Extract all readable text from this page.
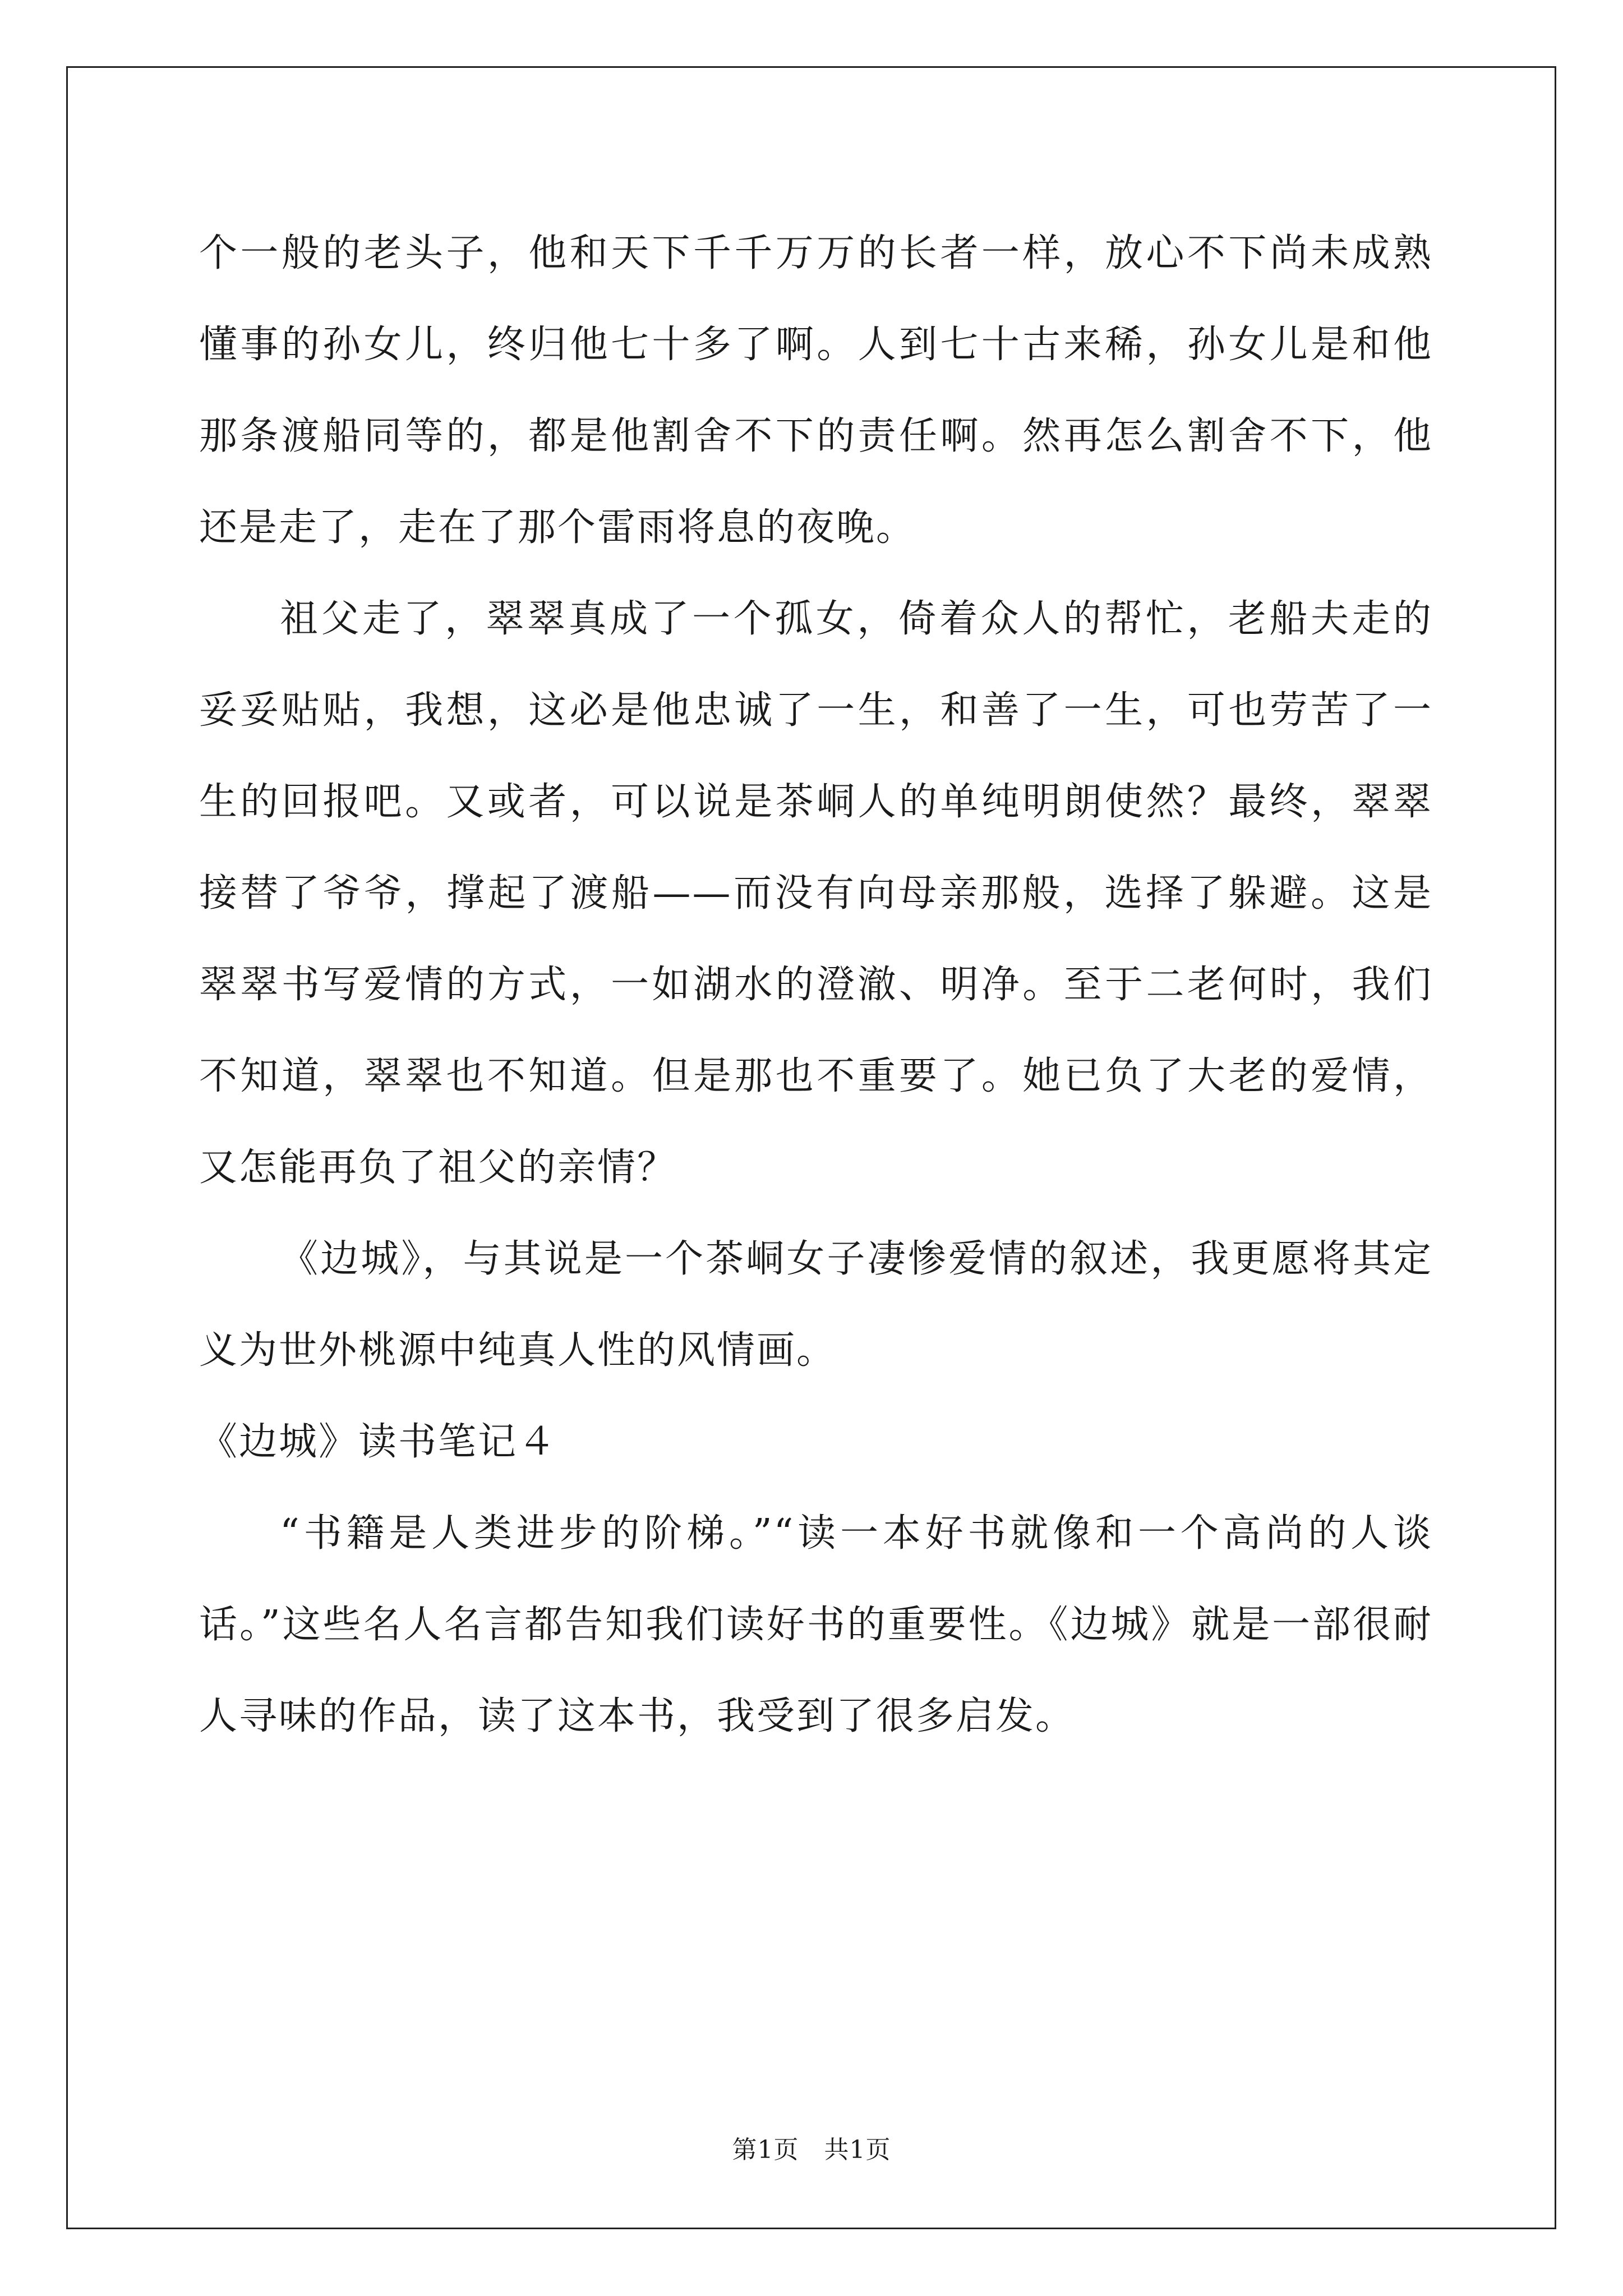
个一般的老头子，他和天下千千万万的长者一样，放心不下尚未成熟懂事的孙女儿，终归他七十多了啊。人到七十古来稀，孙女儿是和他那条渡船同等的，都是他割舍不下的责任啊。然再怎么割舍不下，他还是走了，走在了那个雷雨将息的夜晚。

祖父走了，翠翠真成了一个孤女，倚着众人的帮忙，老船夫走的妥妥贴贴，我想，这必是他忠诚了一生，和善了一生，可也劳苦了一生的回报吧。又或者，可以说是茶峒人的单纯明朗使然？最终，翠翠接替了爷爷，撑起了渡船——而没有向母亲那般，选择了躲避。这是翠翠书写爱情的方式，一如湖水的澄澈、明净。至于二老何时，我们不知道，翠翠也不知道。但是那也不重要了。她已负了大老的爱情，又怎能再负了祖父的亲情？

《边城》，与其说是一个茶峒女子凄惨爱情的叙述，我更愿将其定义为世外桃源中纯真人性的风情画。

《边城》读书笔记４

“书籍是人类进步的阶梯。”“读一本好书就像和一个高尚的人谈话。”这些名人名言都告知我们读好书的重要性。《边城》就是一部很耐人寻味的作品，读了这本书，我受到了很多启发。

第1页　共1页
